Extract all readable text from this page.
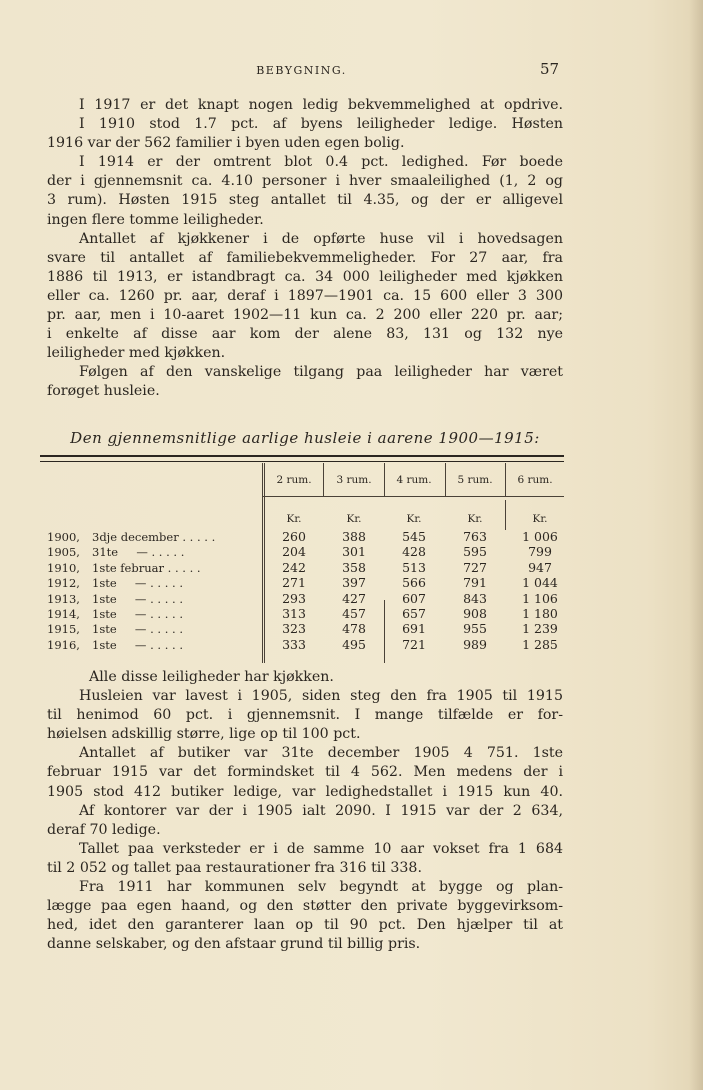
BEBYGNING.	57
I 1917 er det knapt nogen ledig bekvemmelighed at opdrive.
I 1910 stod 1.7 pct. af byens leiligheder ledige. Høsten
1916 var der 562 familier i byen uden egen bolig.
I 1914 er der omtrent blot 0.4 pct. ledighed. Før boede
der i gjennemsnit ca. 4.10 personer i hver smaaleilighed (1, 2 og
3 rum). Høsten 1915 steg antallet til 4.35, og der er alligevel
ingen flere tomme leiligheder.
Antallet af kjøkkener i de opførte huse vil i hovedsagen
svare til antallet af familiebekvemmeligheder. For 27 aar, fra
1886 til 1913, er istandbragt ca. 34 000 leiligheder med kjøkken
eller ca. 1260 pr. aar, deraf i 1897—1901 ca. 15 600 eller 3 300
pr. aar, men i 10-aaret 1902—11 kun ca. 2 200 eller 220 pr. aar;
i enkelte af disse aar kom der alene 83, 131 og 132 nye
leiligheder med kjøkken.
Følgen af den vanskelige tilgang paa leiligheder har været
forøget husleie.
Den gjennemsnitlige aarlige husleie i aarene 1900—1915:
2 rum.	3 rum.	4 rum.	5 rum.	6 rum.
Kr.	Kr.	Kr.	Kr.	Kr.
1900, 3dje december . . . . .	260	388	545	763	1 006
1905, 31te     — . . . . .	204	301	428	595	799
1910, 1ste februar . . . . .	242	358	513	727	947
1912, 1ste     — . . . . .	271	397	566	791	1 044
1913, 1ste     — . . . . .	293	427	607	843	1 106
1914, 1ste     — . . . . .	313	457	657	908	1 180
1915, 1ste     — . . . . .	323	478	691	955	1 239
1916, 1ste     — . . . . .	333	495	721	989	1 285
Alle disse leiligheder har kjøkken.
Husleien var lavest i 1905, siden steg den fra 1905 til 1915
til henimod 60 pct. i gjennemsnit. I mange tilfælde er for-
høielsen adskillig større, lige op til 100 pct.
Antallet af butiker var 31te december 1905 4 751. 1ste
februar 1915 var det formindsket til 4 562. Men medens der i
1905 stod 412 butiker ledige, var ledighedstallet i 1915 kun 40.
Af kontorer var der i 1905 ialt 2090. I 1915 var der 2 634,
deraf 70 ledige.
Tallet paa verksteder er i de samme 10 aar vokset fra 1 684
til 2 052 og tallet paa restaurationer fra 316 til 338.
Fra 1911 har kommunen selv begyndt at bygge og plan-
lægge paa egen haand, og den støtter den private byggevirksom-
hed, idet den garanterer laan op til 90 pct. Den hjælper til at
danne selskaber, og den afstaar grund til billig pris.
